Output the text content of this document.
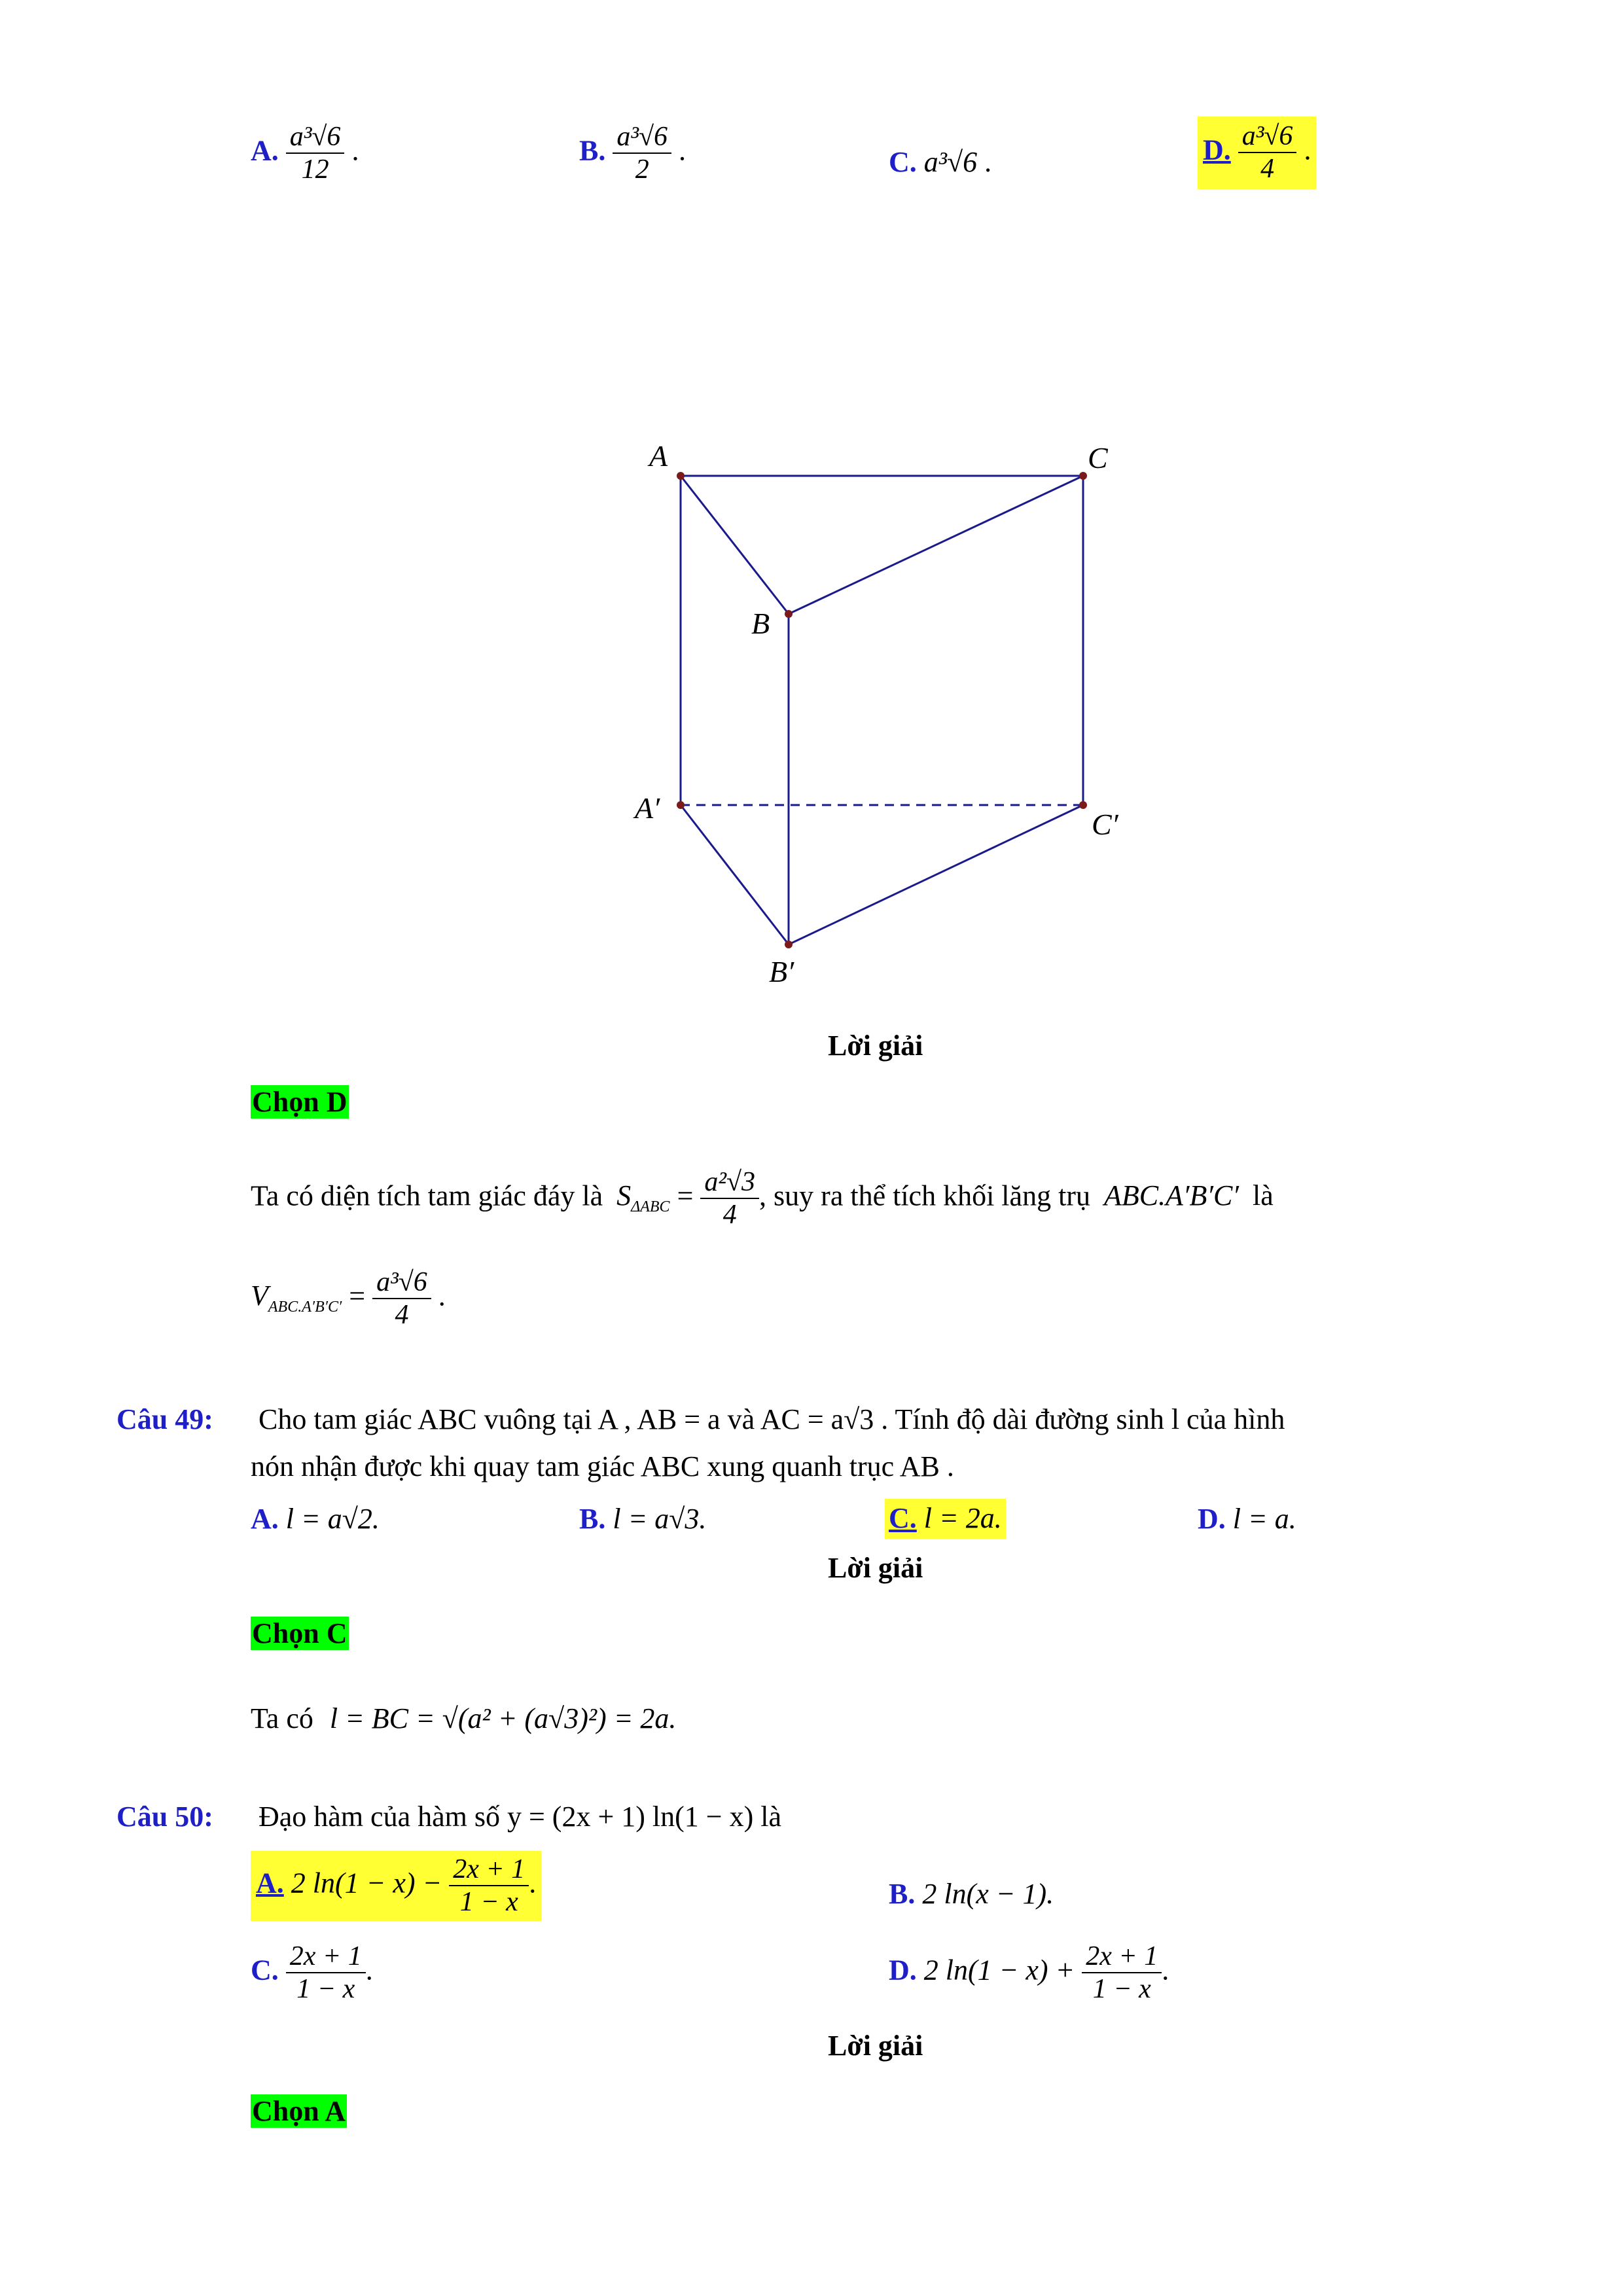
A. $\frac{\text{a³√6}}{12}$ .	B. $\frac{\text{a³√6}}{2}$ .	C. a³√6 .	D. $\frac{\text{a³√6}}{4}$ .
A	C
B
A′	C′
B′
Lời giải
Chọn D
Ta có diện tích tam giác đáy là $S_{\Delta ABC} = \frac{\text{a²√3}}{4}$ , suy ra thể tích khối lăng trụ ABC.A′B′C′ là
$V_{ABC.A'B'C'} = \frac{\text{a³√6}}{4}$ .
Câu 49: Cho tam giác ABC vuông tại A , AB = a và AC = a√3 . Tính độ dài đường sinh l của hình
nón nhận được khi quay tam giác ABC xung quanh trục AB .
A. l = a√2.	B. l = a√3.	C. l = 2a.	D. l = a.
Lời giải
Chọn C
Ta có l = BC = √(a² + (a√3)²) = 2a.
Câu 50: Đạo hàm của hàm số y = (2x + 1) ln(1 − x) là
A. 2 $\ln(1 - x) - \frac{2x + 1}{1 - x}$ .	B. 2 ln(x − 1).
C. $\frac{2x + 1}{1 - x}$ .	D. 2 $\ln(1 - x) + \frac{2x + 1}{1 - x}$ .
Lời giải
Chọn A
